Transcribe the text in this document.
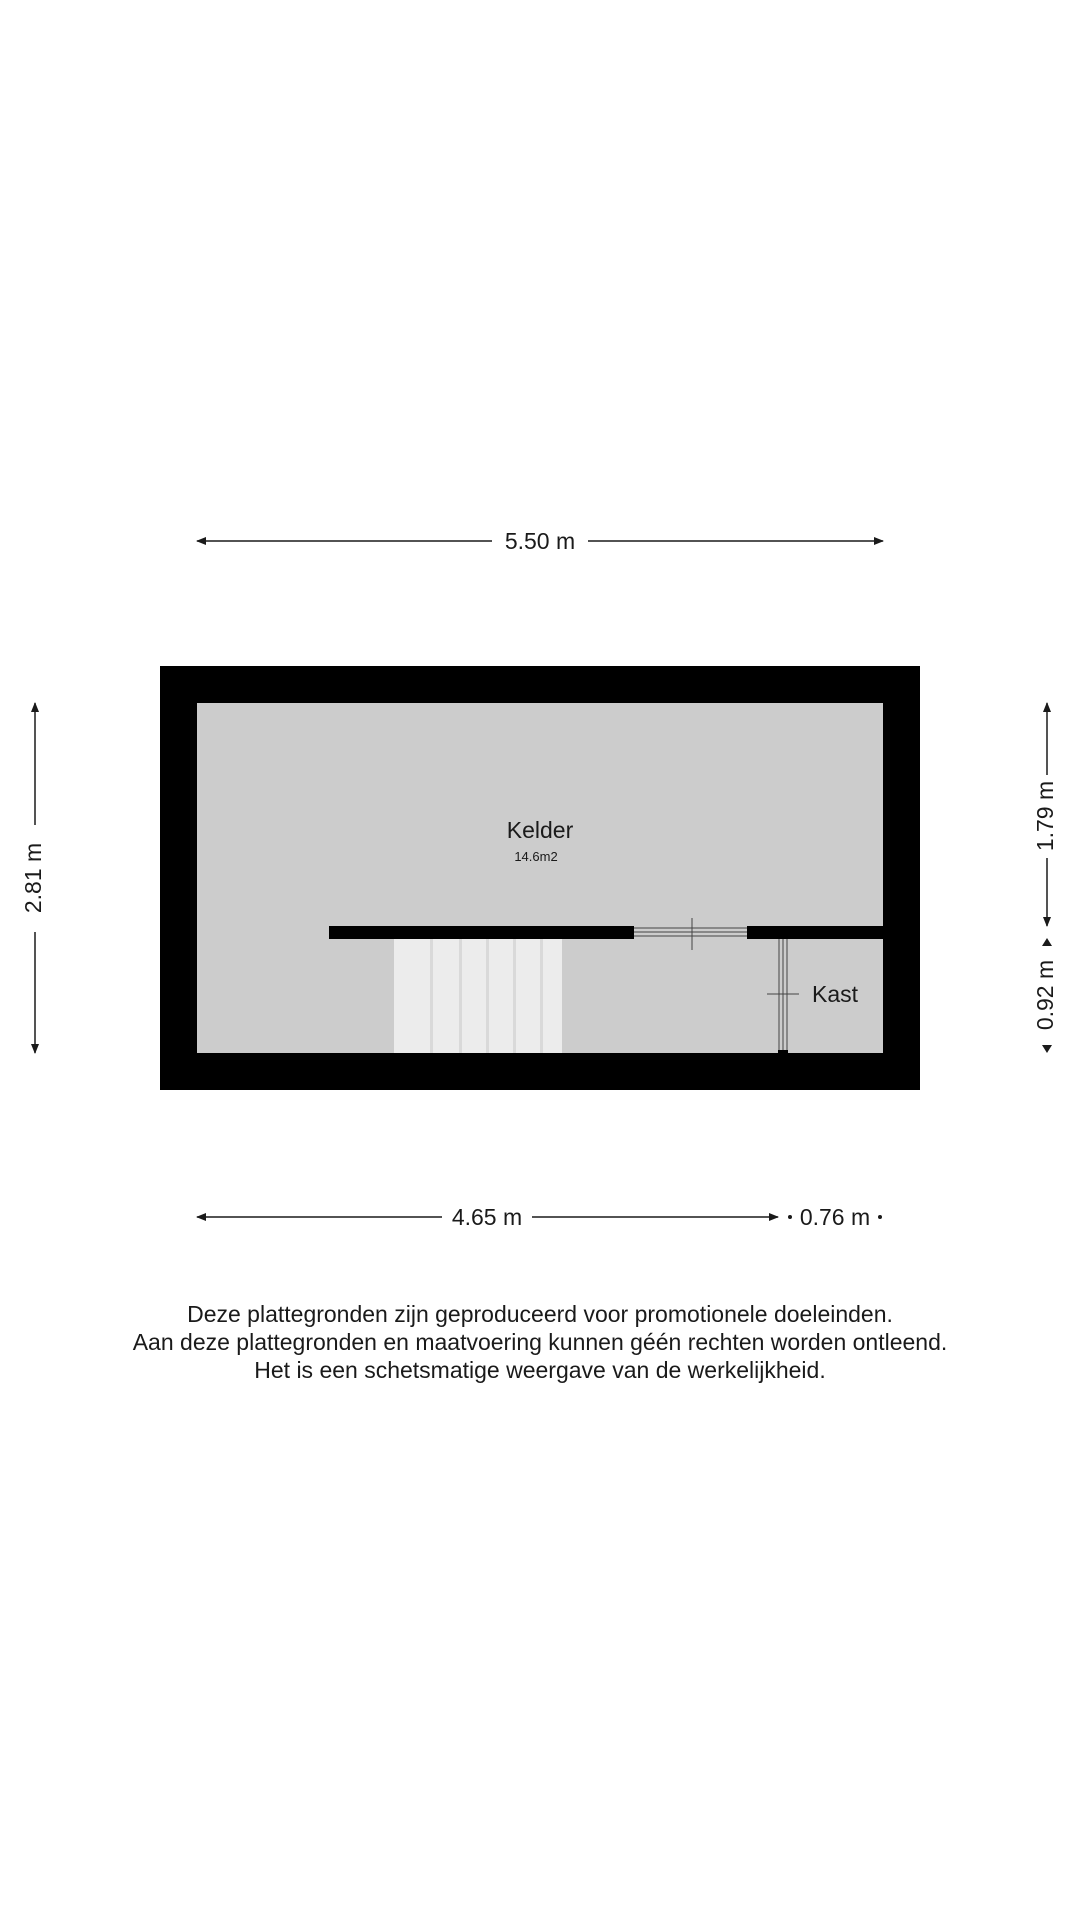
Kelder
14.6m2
Kast
5.50 m
2.81 m
1.79 m
0.92 m
4.65 m	0.76 m
Deze plattegronden zijn geproduceerd voor promotionele doeleinden.
Aan deze plattegronden en maatvoering kunnen géén rechten worden ontleend.
Het is een schetsmatige weergave van de werkelijkheid.
